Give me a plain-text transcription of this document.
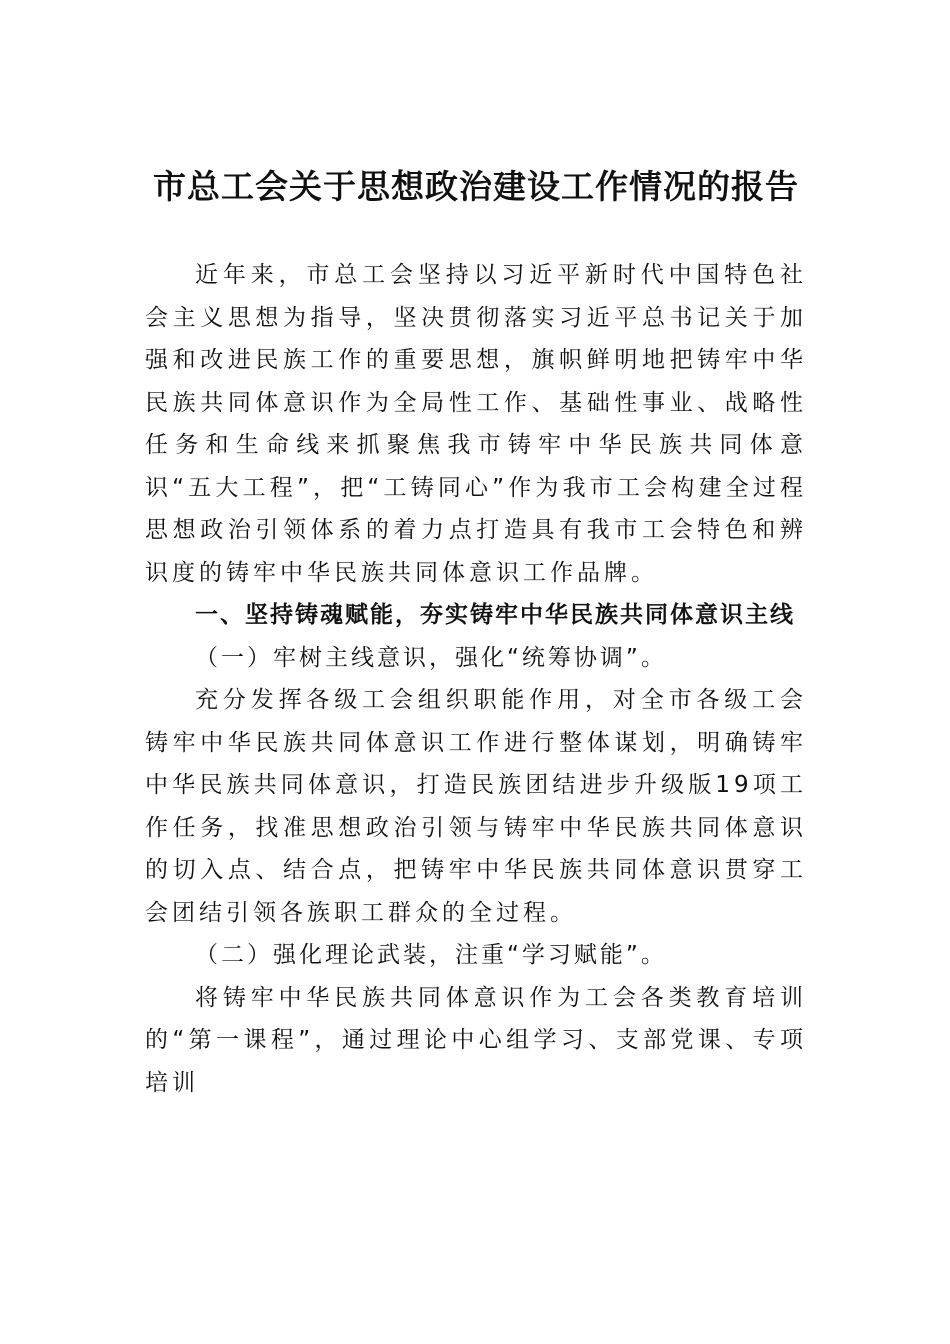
市总工会关于思想政治建设工作情况的报告

近年来，市总工会坚持以习近平新时代中国特色社会主义思想为指导，坚决贯彻落实习近平总书记关于加强和改进民族工作的重要思想，旗帜鲜明地把铸牢中华民族共同体意识作为全局性工作、基础性事业、战略性任务和生命线来抓聚焦我市铸牢中华民族共同体意识“五大工程”，把“工铸同心”作为我市工会构建全过程思想政治引领体系的着力点打造具有我市工会特色和辨识度的铸牢中华民族共同体意识工作品牌。

一、坚持铸魂赋能，夯实铸牢中华民族共同体意识主线

（一）牢树主线意识，强化“统筹协调”。

充分发挥各级工会组织职能作用，对全市各级工会铸牢中华民族共同体意识工作进行整体谋划，明确铸牢中华民族共同体意识，打造民族团结进步升级版19项工作任务，找准思想政治引领与铸牢中华民族共同体意识的切入点、结合点，把铸牢中华民族共同体意识贯穿工会团结引领各族职工群众的全过程。

（二）强化理论武装，注重“学习赋能”。

将铸牢中华民族共同体意识作为工会各类教育培训的“第一课程”，通过理论中心组学习、支部党课、专项培训
